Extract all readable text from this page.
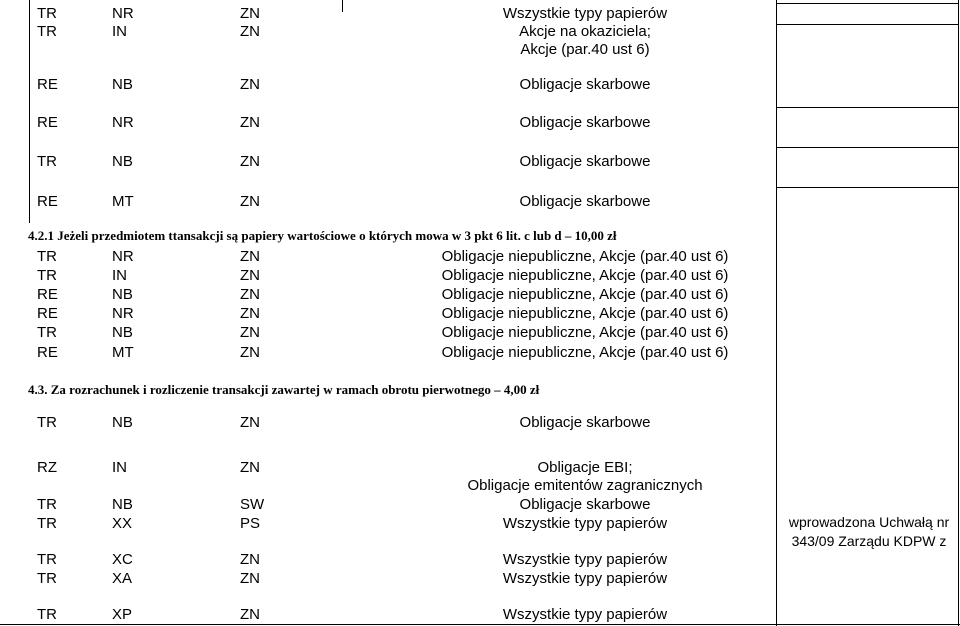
TR	NR	ZN	Wszystkie typy papierów
TR	IN	ZN	Akcje na okaziciela;
Akcje (par.40 ust 6)
RE	NB	ZN	Obligacje skarbowe
RE	NR	ZN	Obligacje skarbowe
TR	NB	ZN	Obligacje skarbowe
RE	MT	ZN	Obligacje skarbowe
4.2.1 Jeżeli przedmiotem ttansakcji są papiery wartościowe o których mowa w 3 pkt 6 lit. c lub d – 10,00 zł
TR	NR	ZN	Obligacje niepubliczne, Akcje (par.40 ust 6)
TR	IN	ZN	Obligacje niepubliczne, Akcje (par.40 ust 6)
RE	NB	ZN	Obligacje niepubliczne, Akcje (par.40 ust 6)
RE	NR	ZN	Obligacje niepubliczne, Akcje (par.40 ust 6)
TR	NB	ZN	Obligacje niepubliczne, Akcje (par.40 ust 6)
RE	MT	ZN	Obligacje niepubliczne, Akcje (par.40 ust 6)
4.3. Za rozrachunek i rozliczenie transakcji zawartej w ramach obrotu pierwotnego – 4,00 zł
TR	NB	ZN	Obligacje skarbowe
RZ	IN	ZN	Obligacje EBI;
Obligacje emitentów zagranicznych
TR	NB	SW	Obligacje skarbowe
TR	XX	PS	Wszystkie typy papierów	wprowadzona Uchwałą nr
343/09 Zarządu KDPW z
TR	XC	ZN	Wszystkie typy papierów
TR	XA	ZN	Wszystkie typy papierów
TR	XP	ZN	Wszystkie typy papierów
